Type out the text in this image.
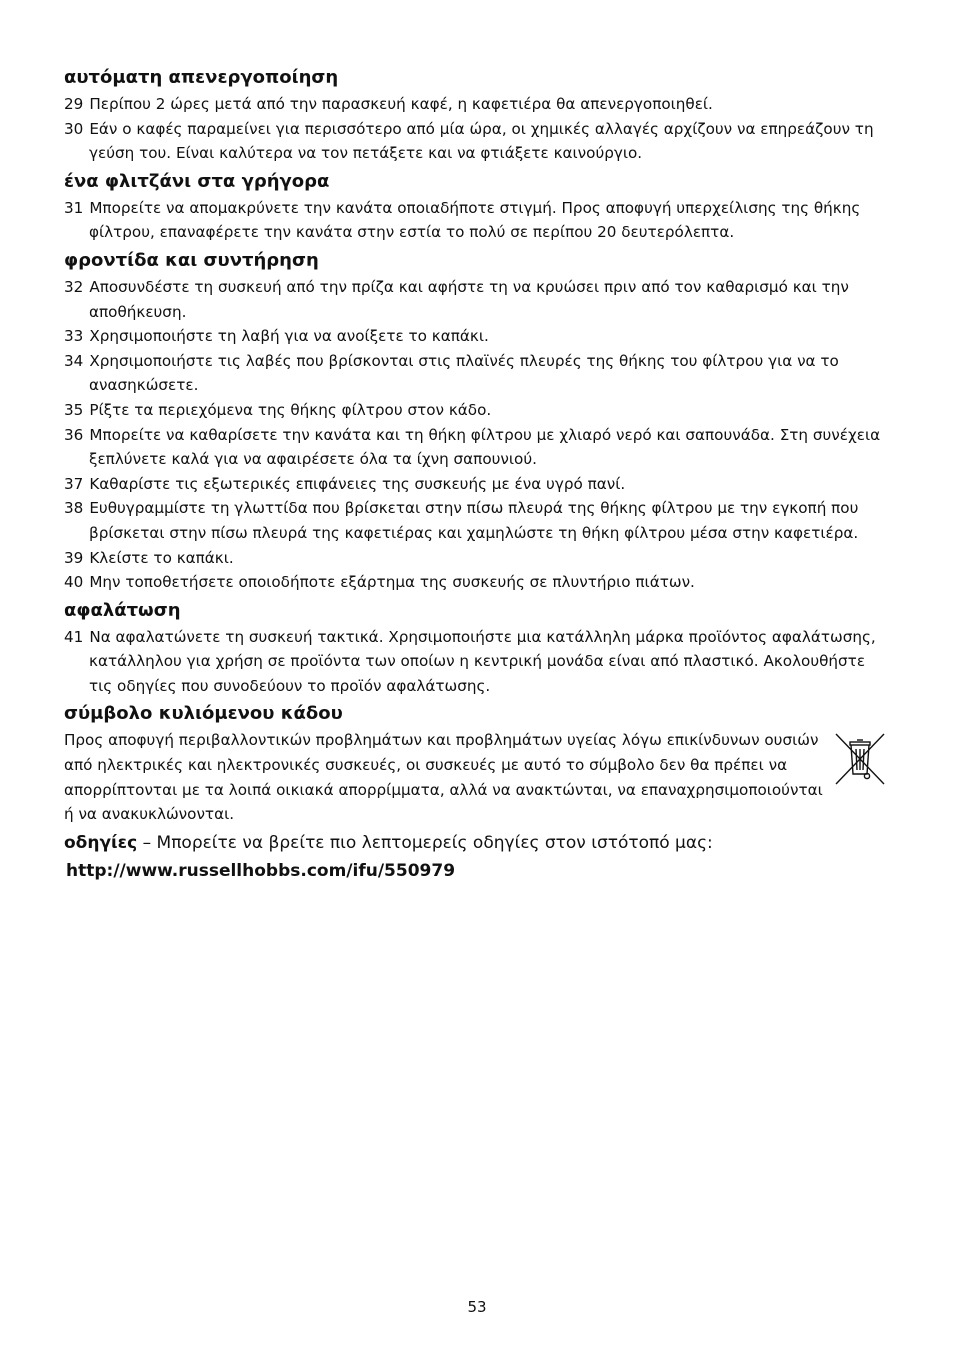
αυτόματη απενεργοποίηση
29 Περίπου 2 ώρες μετά από την παρασκευή καφέ, η καφετιέρα θα απενεργοποιηθεί.
30 Εάν ο καφές παραμείνει για περισσότερο από μία ώρα, οι χημικές αλλαγές αρχίζουν να επηρεάζουν τη γεύση του. Είναι καλύτερα να τον πετάξετε και να φτιάξετε καινούργιο.
ένα φλιτζάνι στα γρήγορα
31 Μπορείτε να απομακρύνετε την κανάτα οποιαδήποτε στιγμή. Προς αποφυγή υπερχείλισης της θήκης φίλτρου, επαναφέρετε την κανάτα στην εστία το πολύ σε περίπου 20 δευτερόλεπτα.
φροντίδα και συντήρηση
32 Αποσυνδέστε τη συσκευή από την πρίζα και αφήστε τη να κρυώσει πριν από τον καθαρισμό και την αποθήκευση.
33 Χρησιμοποιήστε τη λαβή για να ανοίξετε το καπάκι.
34 Χρησιμοποιήστε τις λαβές που βρίσκονται στις πλαϊνές πλευρές της θήκης του φίλτρου για να το ανασηκώσετε.
35 Ρίξτε τα περιεχόμενα της θήκης φίλτρου στον κάδο.
36 Μπορείτε να καθαρίσετε την κανάτα και τη θήκη φίλτρου με χλιαρό νερό και σαπουνάδα. Στη συνέχεια ξεπλύνετε καλά για να αφαιρέσετε όλα τα ίχνη σαπουνιού.
37 Καθαρίστε τις εξωτερικές επιφάνειες της συσκευής με ένα υγρό πανί.
38 Ευθυγραμμίστε τη γλωττίδα που βρίσκεται στην πίσω πλευρά της θήκης φίλτρου με την εγκοπή που βρίσκεται στην πίσω πλευρά της καφετιέρας και χαμηλώστε τη θήκη φίλτρου μέσα στην καφετιέρα.
39 Κλείστε το καπάκι.
40 Μην τοποθετήσετε οποιοδήποτε εξάρτημα της συσκευής σε πλυντήριο πιάτων.
αφαλάτωση
41 Να αφαλατώνετε τη συσκευή τακτικά. Χρησιμοποιήστε μια κατάλληλη μάρκα προϊόντος αφαλάτωσης, κατάλληλου για χρήση σε προϊόντα των οποίων η κεντρική μονάδα είναι από πλαστικό. Ακολουθήστε τις οδηγίες που συνοδεύουν το προϊόν αφαλάτωσης.
σύμβολο κυλιόμενου κάδου
Προς αποφυγή περιβαλλοντικών προβλημάτων και προβλημάτων υγείας λόγω επικίνδυνων ουσιών από ηλεκτρικές και ηλεκτρονικές συσκευές, οι συσκευές με αυτό το σύμβολο δεν θα πρέπει να απορρίπτονται με τα λοιπά οικιακά απορρίμματα, αλλά να ανακτώνται, να επαναχρησιμοποιούνται ή να ανακυκλώνονται.
οδηγίες – Μπορείτε να βρείτε πιο λεπτομερείς οδηγίες στον ιστότοπό μας:
http://www.russellhobbs.com/ifu/550979
53
